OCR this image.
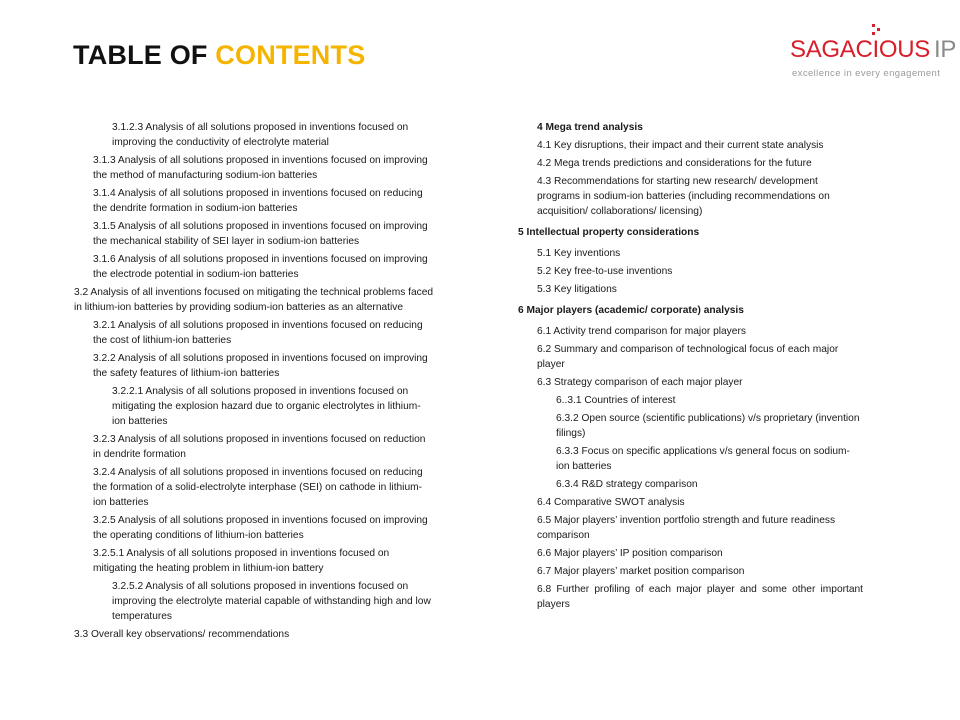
TABLE OF CONTENTS	SAGACIOUS IP
excellence in every engagement
3.1.2.3 Analysis of all solutions proposed in inventions focused on improving the conductivity of electrolyte material
3.1.3 Analysis of all solutions proposed in inventions focused on improving the method of manufacturing sodium-ion batteries
3.1.4 Analysis of all solutions proposed in inventions focused on reducing the dendrite formation in sodium-ion batteries
3.1.5 Analysis of all solutions proposed in inventions focused on improving the mechanical stability of SEI layer in sodium-ion batteries
3.1.6 Analysis of all solutions proposed in inventions focused on improving the electrode potential in sodium-ion batteries
3.2 Analysis of all inventions focused on mitigating the technical problems faced in lithium-ion batteries by providing sodium-ion batteries as an alternative
3.2.1 Analysis of all solutions proposed in inventions focused on reducing the cost of lithium-ion batteries
3.2.2 Analysis of all solutions proposed in inventions focused on improving the safety features of lithium-ion batteries
3.2.2.1 Analysis of all solutions proposed in inventions focused on mitigating the explosion hazard due to organic electrolytes in lithium-ion batteries
3.2.3 Analysis of all solutions proposed in inventions focused on reduction in dendrite formation
3.2.4 Analysis of all solutions proposed in inventions focused on reducing the formation of a solid-electrolyte interphase (SEI) on cathode in lithium-ion batteries
3.2.5 Analysis of all solutions proposed in inventions focused on improving the operating conditions of lithium-ion batteries
3.2.5.1 Analysis of all solutions proposed in inventions focused on mitigating the heating problem in lithium-ion battery
3.2.5.2 Analysis of all solutions proposed in inventions focused on improving the electrolyte material capable of withstanding high and low temperatures
3.3 Overall key observations/ recommendations
4 Mega trend analysis
4.1 Key disruptions, their impact and their current state analysis
4.2 Mega trends predictions and considerations for the future
4.3 Recommendations for starting new research/ development programs in sodium-ion batteries (including recommendations on acquisition/ collaborations/ licensing)
5 Intellectual property considerations
5.1 Key inventions
5.2 Key free-to-use inventions
5.3 Key litigations
6 Major players (academic/ corporate) analysis
6.1 Activity trend comparison for major players
6.2 Summary and comparison of technological focus of each major player
6.3 Strategy comparison of each major player
6..3.1 Countries of interest
6.3.2 Open source (scientific publications) v/s proprietary (invention filings)
6.3.3 Focus on specific applications v/s general focus on sodium-ion batteries
6.3.4 R&D strategy comparison
6.4 Comparative SWOT analysis
6.5 Major players’ invention portfolio strength and future readiness comparison
6.6 Major players’ IP position comparison
6.7 Major players’ market position comparison
6.8 Further profiling of each major player and some other important players
